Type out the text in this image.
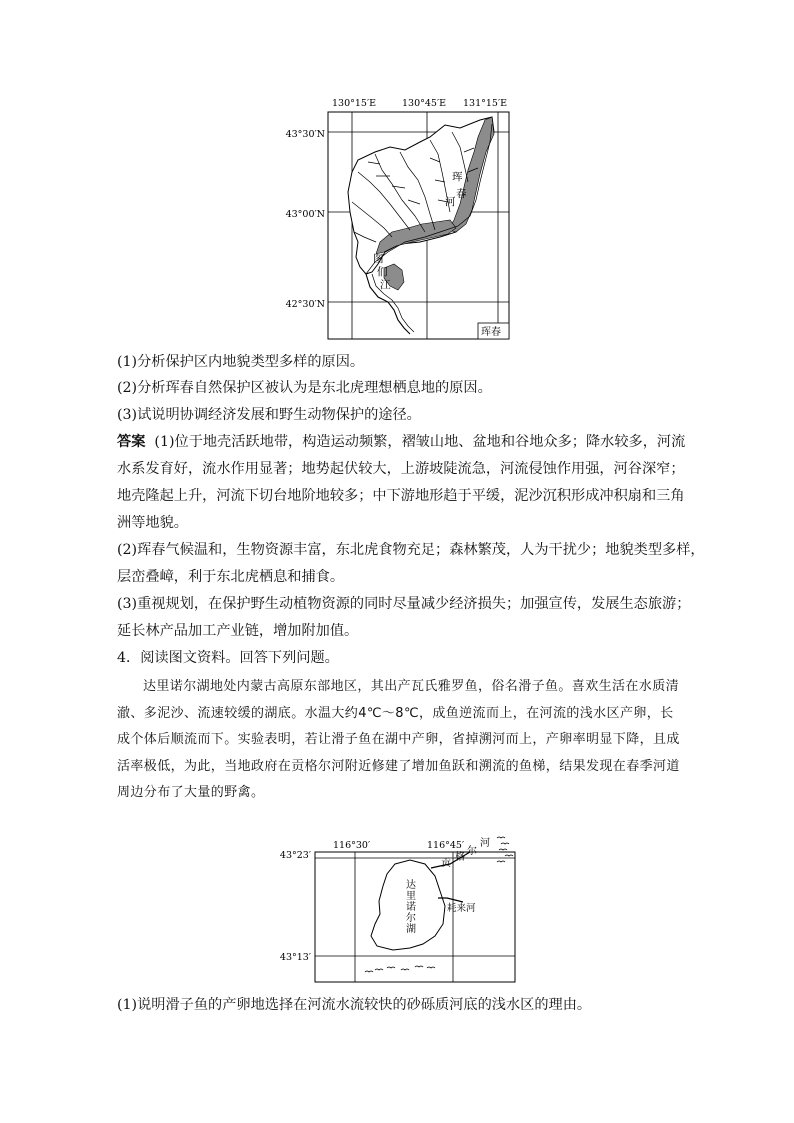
130°15′E	130°45′E 131°15′E
43°30′N
43°00′N
42°30′N
珲
春
河
图
们
江
珲春
(1)分析保护区内地貌类型多样的原因。
(2)分析珲春自然保护区被认为是东北虎理想栖息地的原因。
(3)试说明协调经济发展和野生动物保护的途径。
答案 (1)位于地壳活跃地带，构造运动频繁，褶皱山地、盆地和谷地众多；降水较多，河流
水系发育好，流水作用显著；地势起伏较大，上游坡陡流急，河流侵蚀作用强，河谷深窄；
地壳隆起上升，河流下切台地阶地较多；中下游地形趋于平缓，泥沙沉积形成冲积扇和三角
洲等地貌。
(2)珲春气候温和，生物资源丰富，东北虎食物充足；森林繁茂，人为干扰少；地貌类型多样，
层峦叠嶂，利于东北虎栖息和捕食。
(3)重视规划，在保护野生动植物资源的同时尽量减少经济损失；加强宣传，发展生态旅游；
延长林产品加工产业链，增加附加值。
4．阅读图文资料。回答下列问题。
达里诺尔湖地处内蒙古高原东部地区，其出产瓦氏雅罗鱼，俗名滑子鱼。喜欢生活在水质清澈、多泥沙、流速较缓的湖底。水温大约4℃～8℃，成鱼逆流而上，在河流的浅水区产卵，长成个体后顺流而下。实验表明，若让滑子鱼在湖中产卵，省掉溯河而上，产卵率明显下降，且成活率极低，为此，当地政府在贡格尔河附近修建了增加鱼跃和溯流的鱼梯，结果发现在春季河道周边分布了大量的野禽。
116°30′	116°45′
43°23′
43°13′
达
里
诺
尔
湖
贡
格
尔
河
耗来河
(1)说明滑子鱼的产卵地选择在河流水流较快的砂砾质河底的浅水区的理由。
